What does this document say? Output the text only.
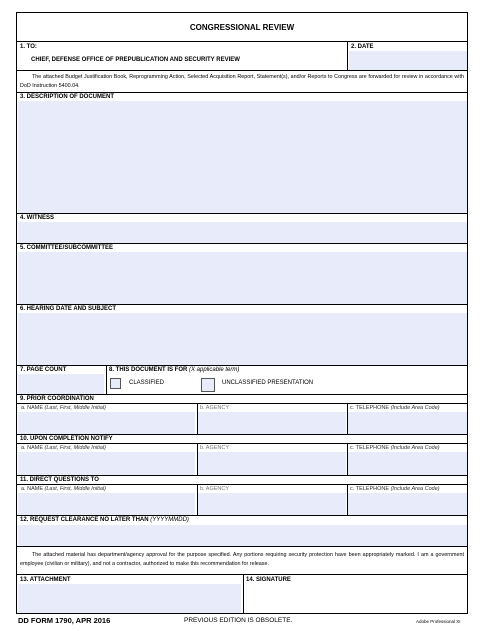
CONGRESSIONAL REVIEW
1. TO:
CHIEF, DEFENSE OFFICE OF PREPUBLICATION AND SECURITY REVIEW
2. DATE
The attached Budget Justification Book, Reprogramming Action, Selected Acquisition Report, Statement(s), and/or Reports to Congress are forwarded for review in accordance with DoD Instruction 5400.04.
3. DESCRIPTION OF DOCUMENT
4. WITNESS
5. COMMITTEE/SUBCOMMITTEE
6. HEARING DATE AND SUBJECT
7. PAGE COUNT	8. THIS DOCUMENT IS FOR (X applicable term)
CLASSIFIED	UNCLASSIFIED PRESENTATION
9. PRIOR COORDINATION
a. NAME (Last, First, Middle Initial)	b. AGENCY	c. TELEPHONE (Include Area Code)
10. UPON COMPLETION NOTIFY
a. NAME (Last, First, Middle Initial)	b. AGENCY	c. TELEPHONE (Include Area Code)
11. DIRECT QUESTIONS TO
a. NAME (Last, First, Middle Initial)	b. AGENCY	c. TELEPHONE (Include Area Code)
12. REQUEST CLEARANCE NO LATER THAN (YYYYMMDD)
The attached material has department/agency approval for the purpose specified. Any portions requiring security protection have been appropriately marked. I am a government employee (civilian or military), and not a contractor, authorized to make this recommendation for release.
13. ATTACHMENT	14. SIGNATURE
DD FORM 1790, APR 2016	PREVIOUS EDITION IS OBSOLETE.	Adobe Professional XI
